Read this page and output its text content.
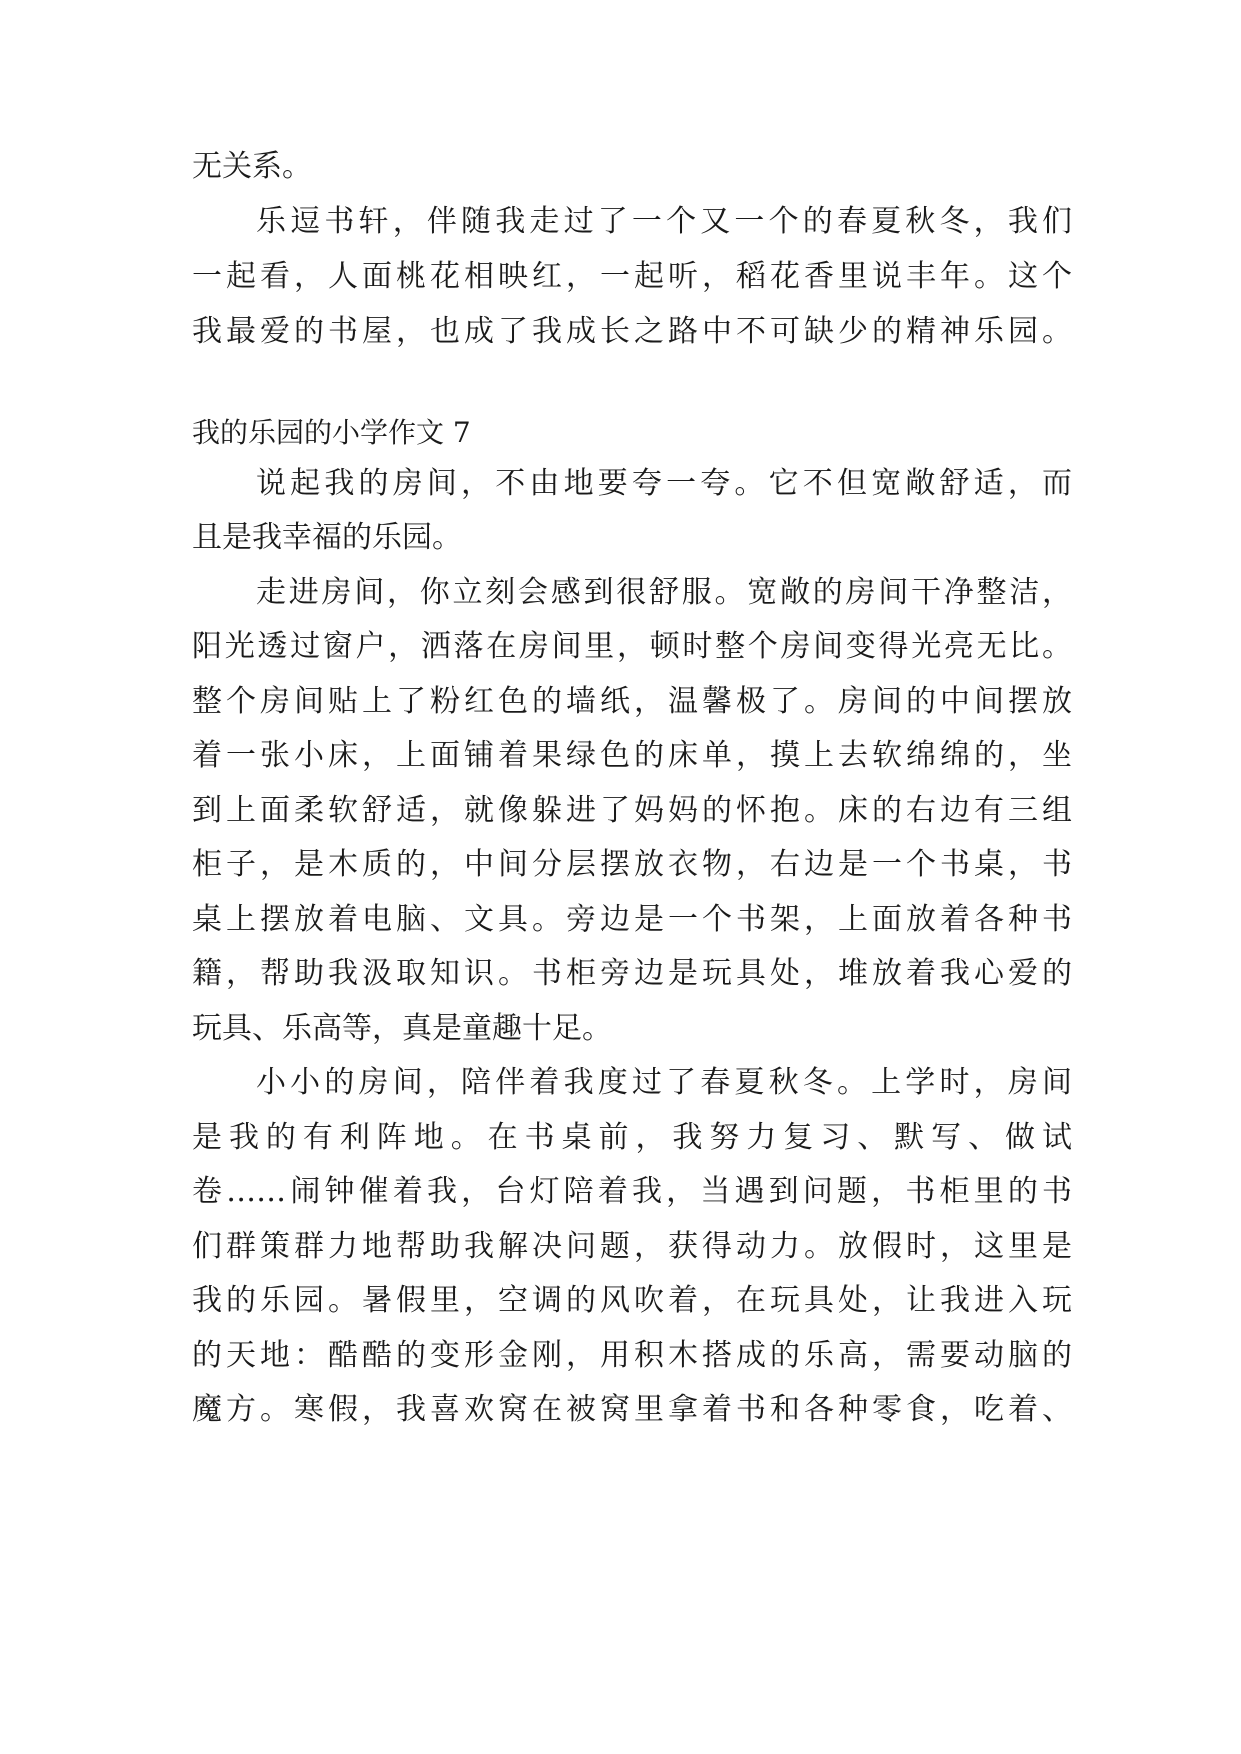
无关系。
乐逗书轩，伴随我走过了一个又一个的春夏秋冬，我们
一起看，人面桃花相映红，一起听，稻花香里说丰年。这个
我最爱的书屋，也成了我成长之路中不可缺少的精神乐园。
我的乐园的小学作文 7
说起我的房间，不由地要夸一夸。它不但宽敞舒适，而
且是我幸福的乐园。
走进房间，你立刻会感到很舒服。宽敞的房间干净整洁，
阳光透过窗户，洒落在房间里，顿时整个房间变得光亮无比。
整个房间贴上了粉红色的墙纸，温馨极了。房间的中间摆放
着一张小床，上面铺着果绿色的床单，摸上去软绵绵的，坐
到上面柔软舒适，就像躲进了妈妈的怀抱。床的右边有三组
柜子，是木质的，中间分层摆放衣物，右边是一个书桌，书
桌上摆放着电脑、文具。旁边是一个书架，上面放着各种书
籍，帮助我汲取知识。书柜旁边是玩具处，堆放着我心爱的
玩具、乐高等，真是童趣十足。
小小的房间，陪伴着我度过了春夏秋冬。上学时，房间
是我的有利阵地。在书桌前，我努力复习、默写、做试
卷……闹钟催着我，台灯陪着我，当遇到问题，书柜里的书
们群策群力地帮助我解决问题，获得动力。放假时，这里是
我的乐园。暑假里，空调的风吹着，在玩具处，让我进入玩
的天地：酷酷的变形金刚，用积木搭成的乐高，需要动脑的
魔方。寒假，我喜欢窝在被窝里拿着书和各种零食，吃着、
